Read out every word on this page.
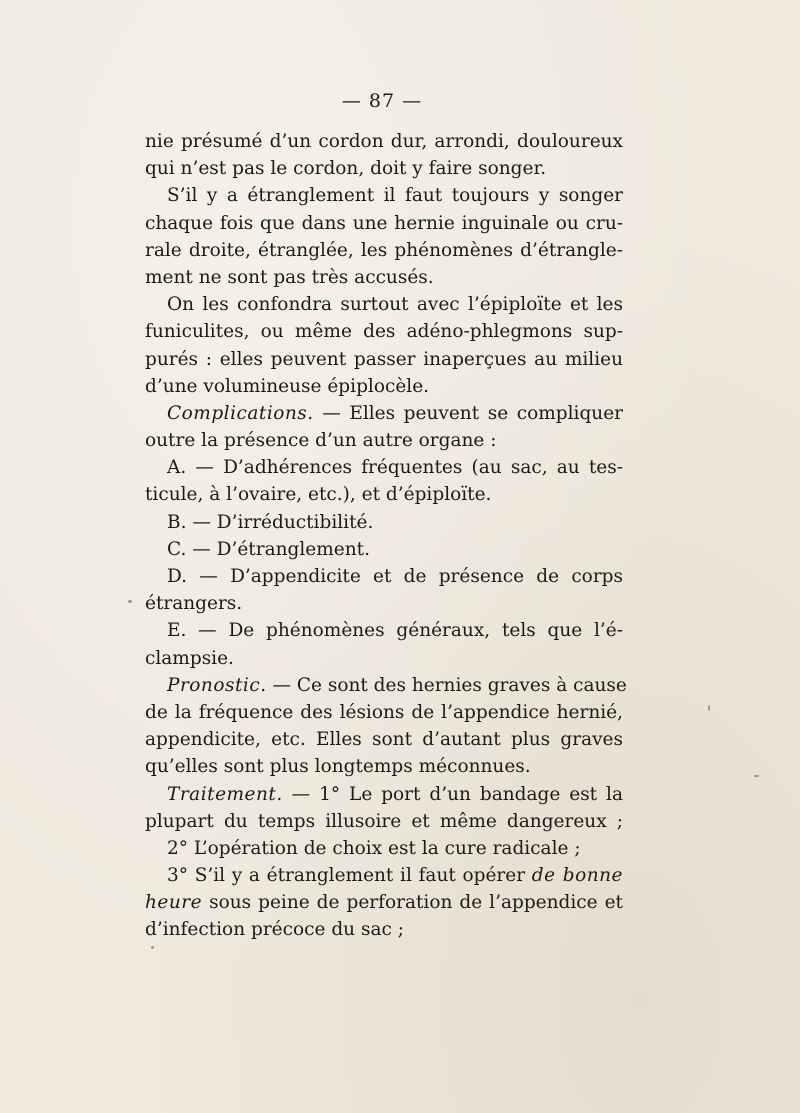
— 87 —
nie présumé d’un cordon dur, arrondi, douloureux
qui n’est pas le cordon, doit y faire songer.
S’il y a étranglement il faut toujours y songer
chaque fois que dans une hernie inguinale ou cru-
rale droite, étranglée, les phénomènes d’étrangle-
ment ne sont pas très accusés.
On les confondra surtout avec l’épiploïte et les
funiculites, ou même des adéno-phlegmons sup-
purés : elles peuvent passer inaperçues au milieu
d’une volumineuse épiplocèle.
Complications. — Elles peuvent se compliquer
outre la présence d’un autre organe :
A. — D’adhérences fréquentes (au sac, au tes-
ticule, à l’ovaire, etc.), et d’épiploïte.
B. — D’irréductibilité.
C. — D’étranglement.
D. — D’appendicite et de présence de corps
étrangers.
E. — De phénomènes généraux, tels que l’é-
clampsie.
Pronostic. — Ce sont des hernies graves à cause
de la fréquence des lésions de l’appendice hernié,
appendicite, etc. Elles sont d’autant plus graves
qu’elles sont plus longtemps méconnues.
Traitement. — 1° Le port d’un bandage est la
plupart du temps illusoire et même dangereux ;
2° L’opération de choix est la cure radicale ;
3° S’il y a étranglement il faut opérer de bonne
heure sous peine de perforation de l’appendice et
d’infection précoce du sac ;
